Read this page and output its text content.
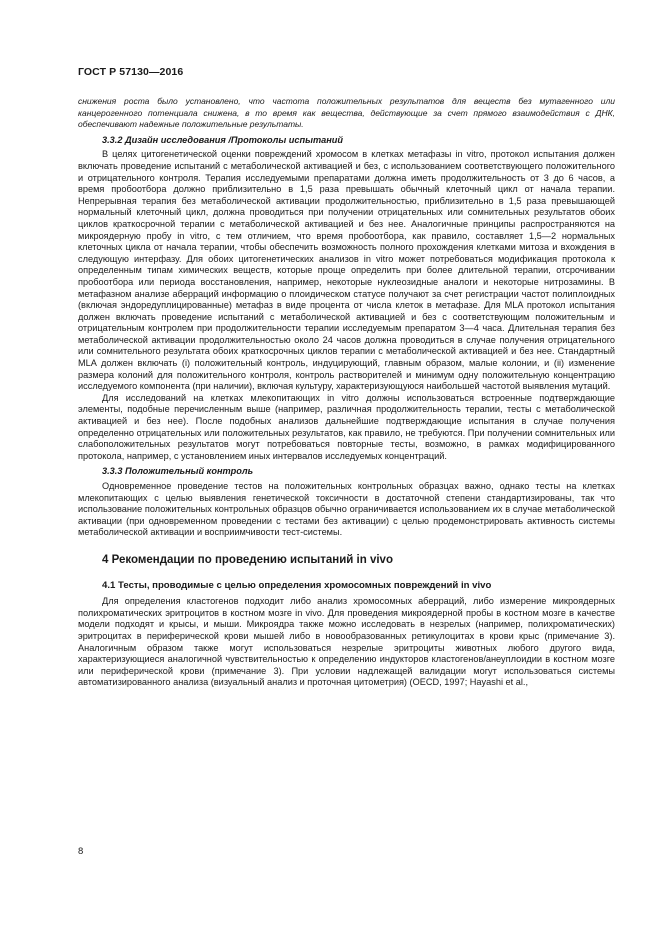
ГОСТ Р 57130—2016

снижения роста было установлено, что частота положительных результатов для веществ без мутагенного или канцерогенного потенциала снижена, в то время как вещества, действующие за счет прямого взаимодействия с ДНК, обеспечивают надежные положительные результаты.

3.3.2 Дизайн исследования /Протоколы испытаний

В целях цитогенетической оценки повреждений хромосом в клетках метафазы in vitro, протокол испытания должен включать проведение испытаний с метаболической активацией и без, с использованием соответствующего положительного и отрицательного контроля. Терапия исследуемыми препаратами должна иметь продолжительность от 3 до 6 часов, а время пробоотбора должно приблизительно в 1,5 раза превышать обычный клеточный цикл от начала терапии. Непрерывная терапия без метаболической активации продолжительностью, приблизительно в 1,5 раза превышающей нормальный клеточный цикл, должна проводиться при получении отрицательных или сомнительных результатов обоих циклов краткосрочной терапии с метаболической активацией и без нее. Аналогичные принципы распространяются на микроядерную пробу in vitro, с тем отличием, что время пробоотбора, как правило, составляет 1,5—2 нормальных клеточных цикла от начала терапии, чтобы обеспечить возможность полного прохождения клетками митоза и вхождения в следующую интерфазу. Для обоих цитогенетических анализов in vitro может потребоваться модификация протокола к определенным типам химических веществ, которые проще определить при более длительной терапии, отсрочивании пробоотбора или периода восстановления, например, некоторые нуклеозидные аналоги и некоторые нитрозамины. В метафазном анализе аберраций информацию о плоидическом статусе получают за счет регистрации частот полиплоидных (включая эндоредуплицированные) метафаз в виде процента от числа клеток в метафазе. Для MLA протокол испытания должен включать проведение испытаний с метаболической активацией и без с соответствующим положительным и отрицательным контролем при продолжительности терапии исследуемым препаратом 3—4 часа. Длительная терапия без метаболической активации продолжительностью около 24 часов должна проводиться в случае получения отрицательного или сомнительного результата обоих краткосрочных циклов терапии с метаболической активацией и без нее. Стандартный MLA должен включать (i) положительный контроль, индуцирующий, главным образом, малые колонии, и (ii) изменение размера колоний для положительного контроля, контроль растворителей и минимум одну положительную концентрацию исследуемого компонента (при наличии), включая культуру, характеризующуюся наибольшей частотой выявления мутаций.

Для исследований на клетках млекопитающих in vitro должны использоваться встроенные подтверждающие элементы, подобные перечисленным выше (например, различная продолжительность терапии, тесты с метаболической активацией и без нее). После подобных анализов дальнейшие подтверждающие испытания в случае получения определенно отрицательных или положительных результатов, как правило, не требуются. При получении сомнительных или слабоположительных результатов могут потребоваться повторные тесты, возможно, в рамках модифицированного протокола, например, с установлением иных интервалов исследуемых концентраций.

3.3.3 Положительный контроль

Одновременное проведение тестов на положительных контрольных образцах важно, однако тесты на клетках млекопитающих с целью выявления генетической токсичности в достаточной степени стандартизированы, так что использование положительных контрольных образцов обычно ограничивается использованием их в случае метаболической активации (при одновременном проведении с тестами без активации) с целью продемонстрировать активность системы метаболической активации и восприимчивости тест-системы.

4 Рекомендации по проведению испытаний in vivo
4.1 Тесты, проводимые с целью определения хромосомных повреждений in vivo

Для определения кластогенов подходит либо анализ хромосомных аберраций, либо измерение микроядерных полихроматических эритроцитов в костном мозге in vivo. Для проведения микроядерной пробы в костном мозге в качестве модели подходят и крысы, и мыши. Микроядра также можно исследовать в незрелых (например, полихроматических) эритроцитах в периферической крови мышей либо в новообразованных ретикулоцитах в крови крыс (примечание 3). Аналогичным образом также могут использоваться незрелые эритроциты животных любого другого вида, характеризующиеся аналогичной чувствительностью к определению индукторов кластогенов/анеуплоидии в костном мозге или периферической крови (примечание 3). При условии надлежащей валидации могут использоваться системы автоматизированного анализа (визуальный анализ и проточная цитометрия) (OECD, 1997; Hayashi et al.,

8
